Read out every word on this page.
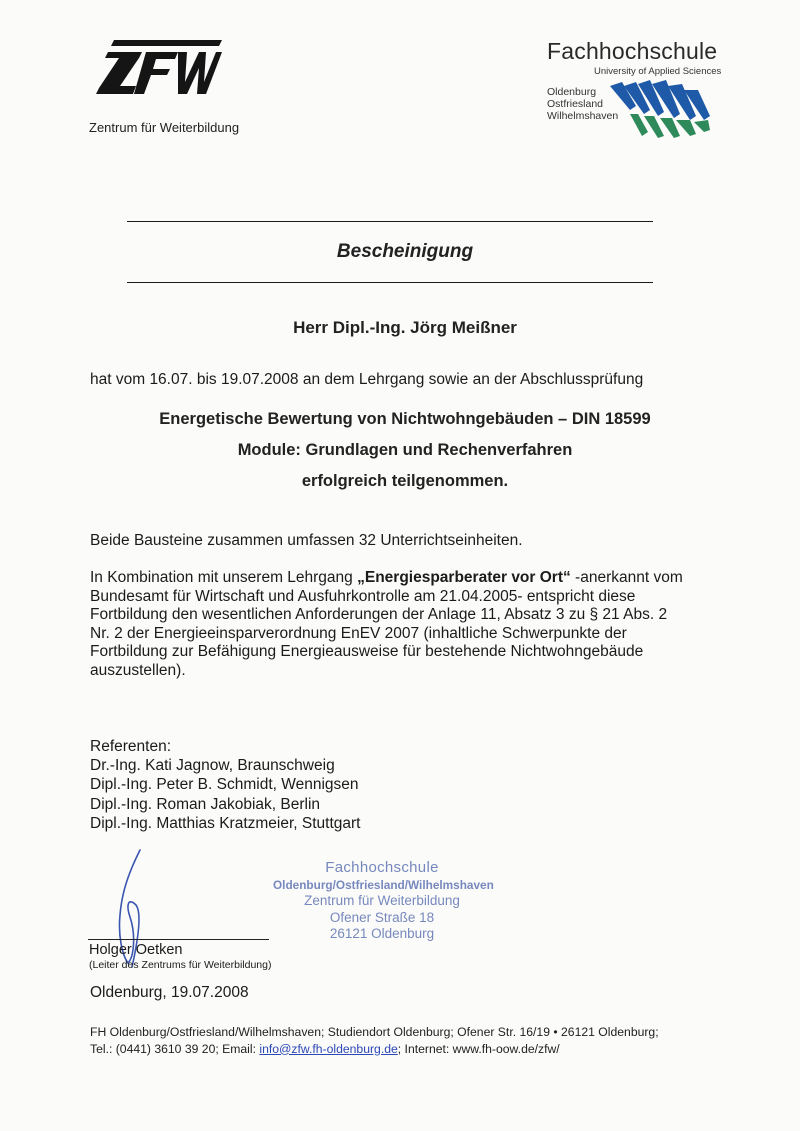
Zentrum für Weiterbildung
Fachhochschule
University of Applied Sciences
Oldenburg
Ostfriesland
Wilhelmshaven
Bescheinigung
Herr Dipl.-Ing. Jörg Meißner
hat vom 16.07. bis 19.07.2008 an dem Lehrgang sowie an der Abschlussprüfung
Energetische Bewertung von Nichtwohngebäuden – DIN 18599
Module: Grundlagen und Rechenverfahren
erfolgreich teilgenommen.
Beide Bausteine zusammen umfassen 32 Unterrichtseinheiten.
In Kombination mit unserem Lehrgang „Energiesparberater vor Ort“ -anerkannt vom
Bundesamt für Wirtschaft und Ausfuhrkontrolle am 21.04.2005- entspricht diese
Fortbildung den wesentlichen Anforderungen der Anlage 11, Absatz 3 zu § 21 Abs. 2
Nr. 2 der Energieeinsparverordnung EnEV 2007 (inhaltliche Schwerpunkte der
Fortbildung zur Befähigung Energieausweise für bestehende Nichtwohngebäude
auszustellen).
Referenten:
Dr.-Ing. Kati Jagnow, Braunschweig
Dipl.-Ing. Peter B. Schmidt, Wennigsen
Dipl.-Ing. Roman Jakobiak, Berlin
Dipl.-Ing. Matthias Kratzmeier, Stuttgart
Holger Oetken
(Leiter des Zentrums für Weiterbildung)
Fachhochschule
Oldenburg/Ostfriesland/Wilhelmshaven
Zentrum für Weiterbildung
Ofener Straße 18
26121 Oldenburg
Oldenburg, 19.07.2008
FH Oldenburg/Ostfriesland/Wilhelmshaven; Studiendort Oldenburg; Ofener Str. 16/19 • 26121 Oldenburg;
Tel.: (0441) 3610 39 20; Email: info@zfw.fh-oldenburg.de; Internet: www.fh-oow.de/zfw/
